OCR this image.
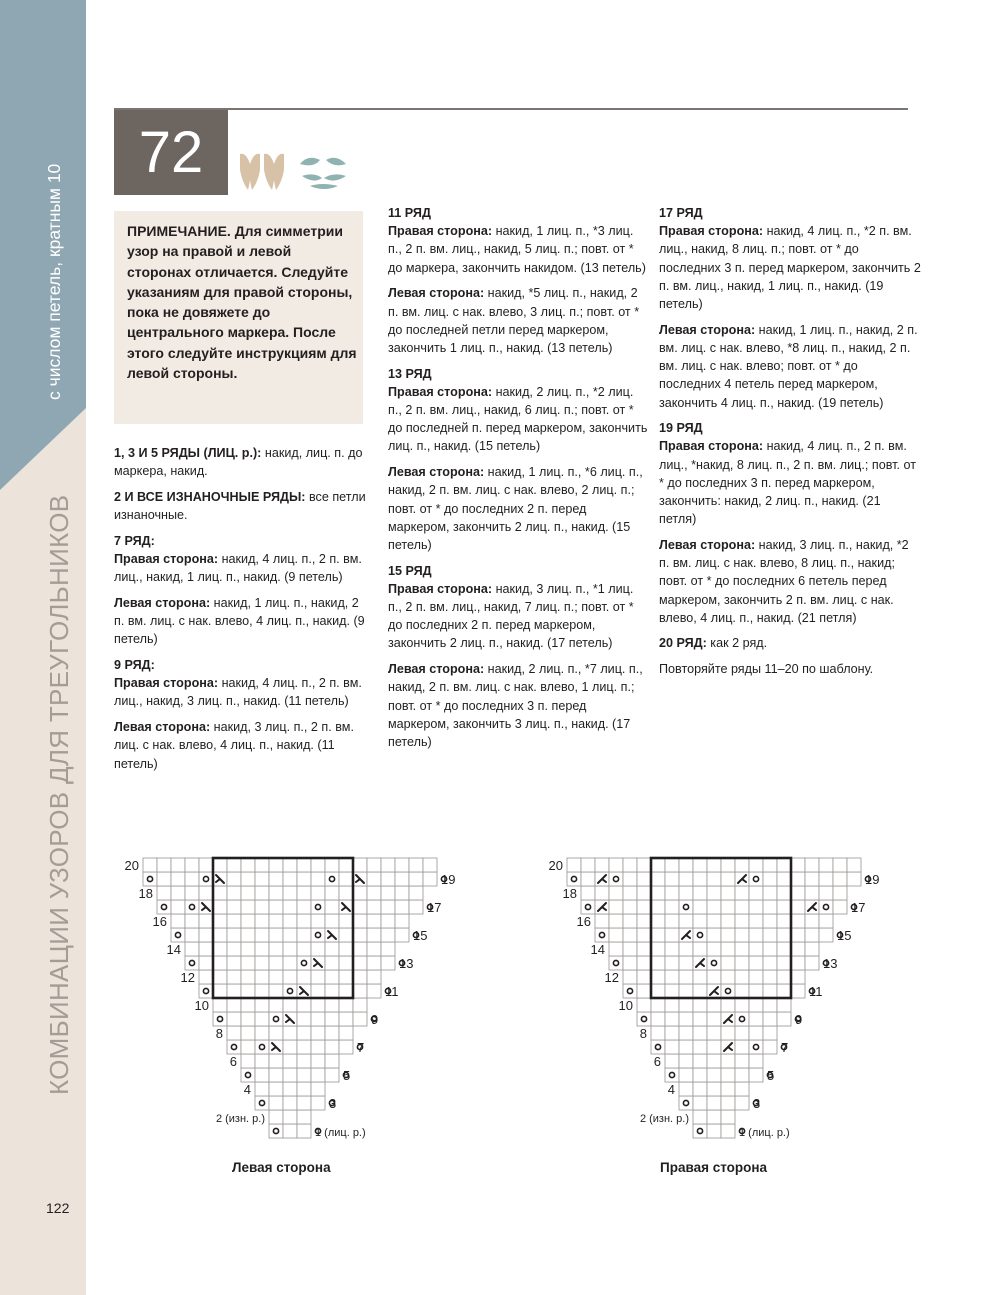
с числом петель, кратным 10
КОМБИНАЦИИ УЗОРОВ ДЛЯ ТРЕУГОЛЬНИКОВ
72
ПРИМЕЧАНИЕ. Для симметрии узор на правой и левой сторонах отличается. Следуйте указаниям для правой стороны, пока не довяжете до центрального маркера. После этого следуйте инструкциям для левой стороны.

1, 3 И 5 РЯДЫ (ЛИЦ. р.): накид, лиц. п. до маркера, накид.

2 И ВСЕ ИЗНАНОЧНЫЕ РЯДЫ: все петли изнаночные.

7 РЯД:

Правая сторона: накид, 4 лиц. п., 2 п. вм. лиц., накид, 1 лиц. п., накид. (9 петель)

Левая сторона: накид, 1 лиц. п., накид, 2 п. вм. лиц. с нак. влево, 4 лиц. п., накид. (9 петель)

9 РЯД:

Правая сторона: накид, 4 лиц. п., 2 п. вм. лиц., накид, 3 лиц. п., накид. (11 петель)

Левая сторона: накид, 3 лиц. п., 2 п. вм. лиц. с нак. влево, 4 лиц. п., накид. (11 петель)

11 РЯД

Правая сторона: накид, 1 лиц. п., *3 лиц. п., 2 п. вм. лиц., накид, 5 лиц. п.; повт. от * до маркера, закончить накидом. (13 петель)

Левая сторона: накид, *5 лиц. п., накид, 2 п. вм. лиц. с нак. влево, 3 лиц. п.; повт. от * до последней петли перед маркером, закончить 1 лиц. п., накид. (13 петель)

13 РЯД

Правая сторона: накид, 2 лиц. п., *2 лиц. п., 2 п. вм. лиц., накид, 6 лиц. п.; повт. от * до последней п. перед маркером, закончить лиц. п., накид. (15 петель)

Левая сторона: накид, 1 лиц. п., *6 лиц. п., накид, 2 п. вм. лиц. с нак. влево, 2 лиц. п.; повт. от * до последних 2 п. перед маркером, закончить 2 лиц. п., накид. (15 петель)

15 РЯД

Правая сторона: накид, 3 лиц. п., *1 лиц. п., 2 п. вм. лиц., накид, 7 лиц. п.; повт. от * до последних 2 п. перед маркером, закончить 2 лиц. п., накид. (17 петель)

Левая сторона: накид, 2 лиц. п., *7 лиц. п., накид, 2 п. вм. лиц. с нак. влево, 1 лиц. п.; повт. от * до последних 3 п. перед маркером, закончить 3 лиц. п., накид. (17 петель)

17 РЯД

Правая сторона: накид, 4 лиц. п., *2 п. вм. лиц., накид, 8 лиц. п.; повт. от * до последних 3 п. перед маркером, закончить 2 п. вм. лиц., накид, 1 лиц. п., накид. (19 петель)

Левая сторона: накид, 1 лиц. п., накид, 2 п. вм. лиц. с нак. влево, *8 лиц. п., накид, 2 п. вм. лиц. с нак. влево; повт. от * до последних 4 петель перед маркером, закончить 4 лиц. п., накид. (19 петель)

19 РЯД

Правая сторона: накид, 4 лиц. п., 2 п. вм. лиц., *накид, 8 лиц. п., 2 п. вм. лиц.; повт. от * до последних 3 п. перед маркером, закончить: накид, 2 лиц. п., накид. (21 петля)

Левая сторона: накид, 3 лиц. п., накид, *2 п. вм. лиц. с нак. влево, 8 лиц. п., накид; повт. от * до последних 6 петель перед маркером, закончить 2 п. вм. лиц. с нак. влево, 4 лиц. п., накид. (21 петля)

20 РЯД: как 2 ряд.

Повторяйте ряды 11–20 по шаблону.

1 (лиц. р.)
3
5
7
9
11
13
15
17
19
2 (изн. р.)
4
6
8
10
12
14
16
18
20
1 (лиц. р.)
3
5
7
9
11
13
15
17
19
2 (изн. р.)
4
6
8
10
12
14
16
18
20
Левая сторона	Правая сторона
122
